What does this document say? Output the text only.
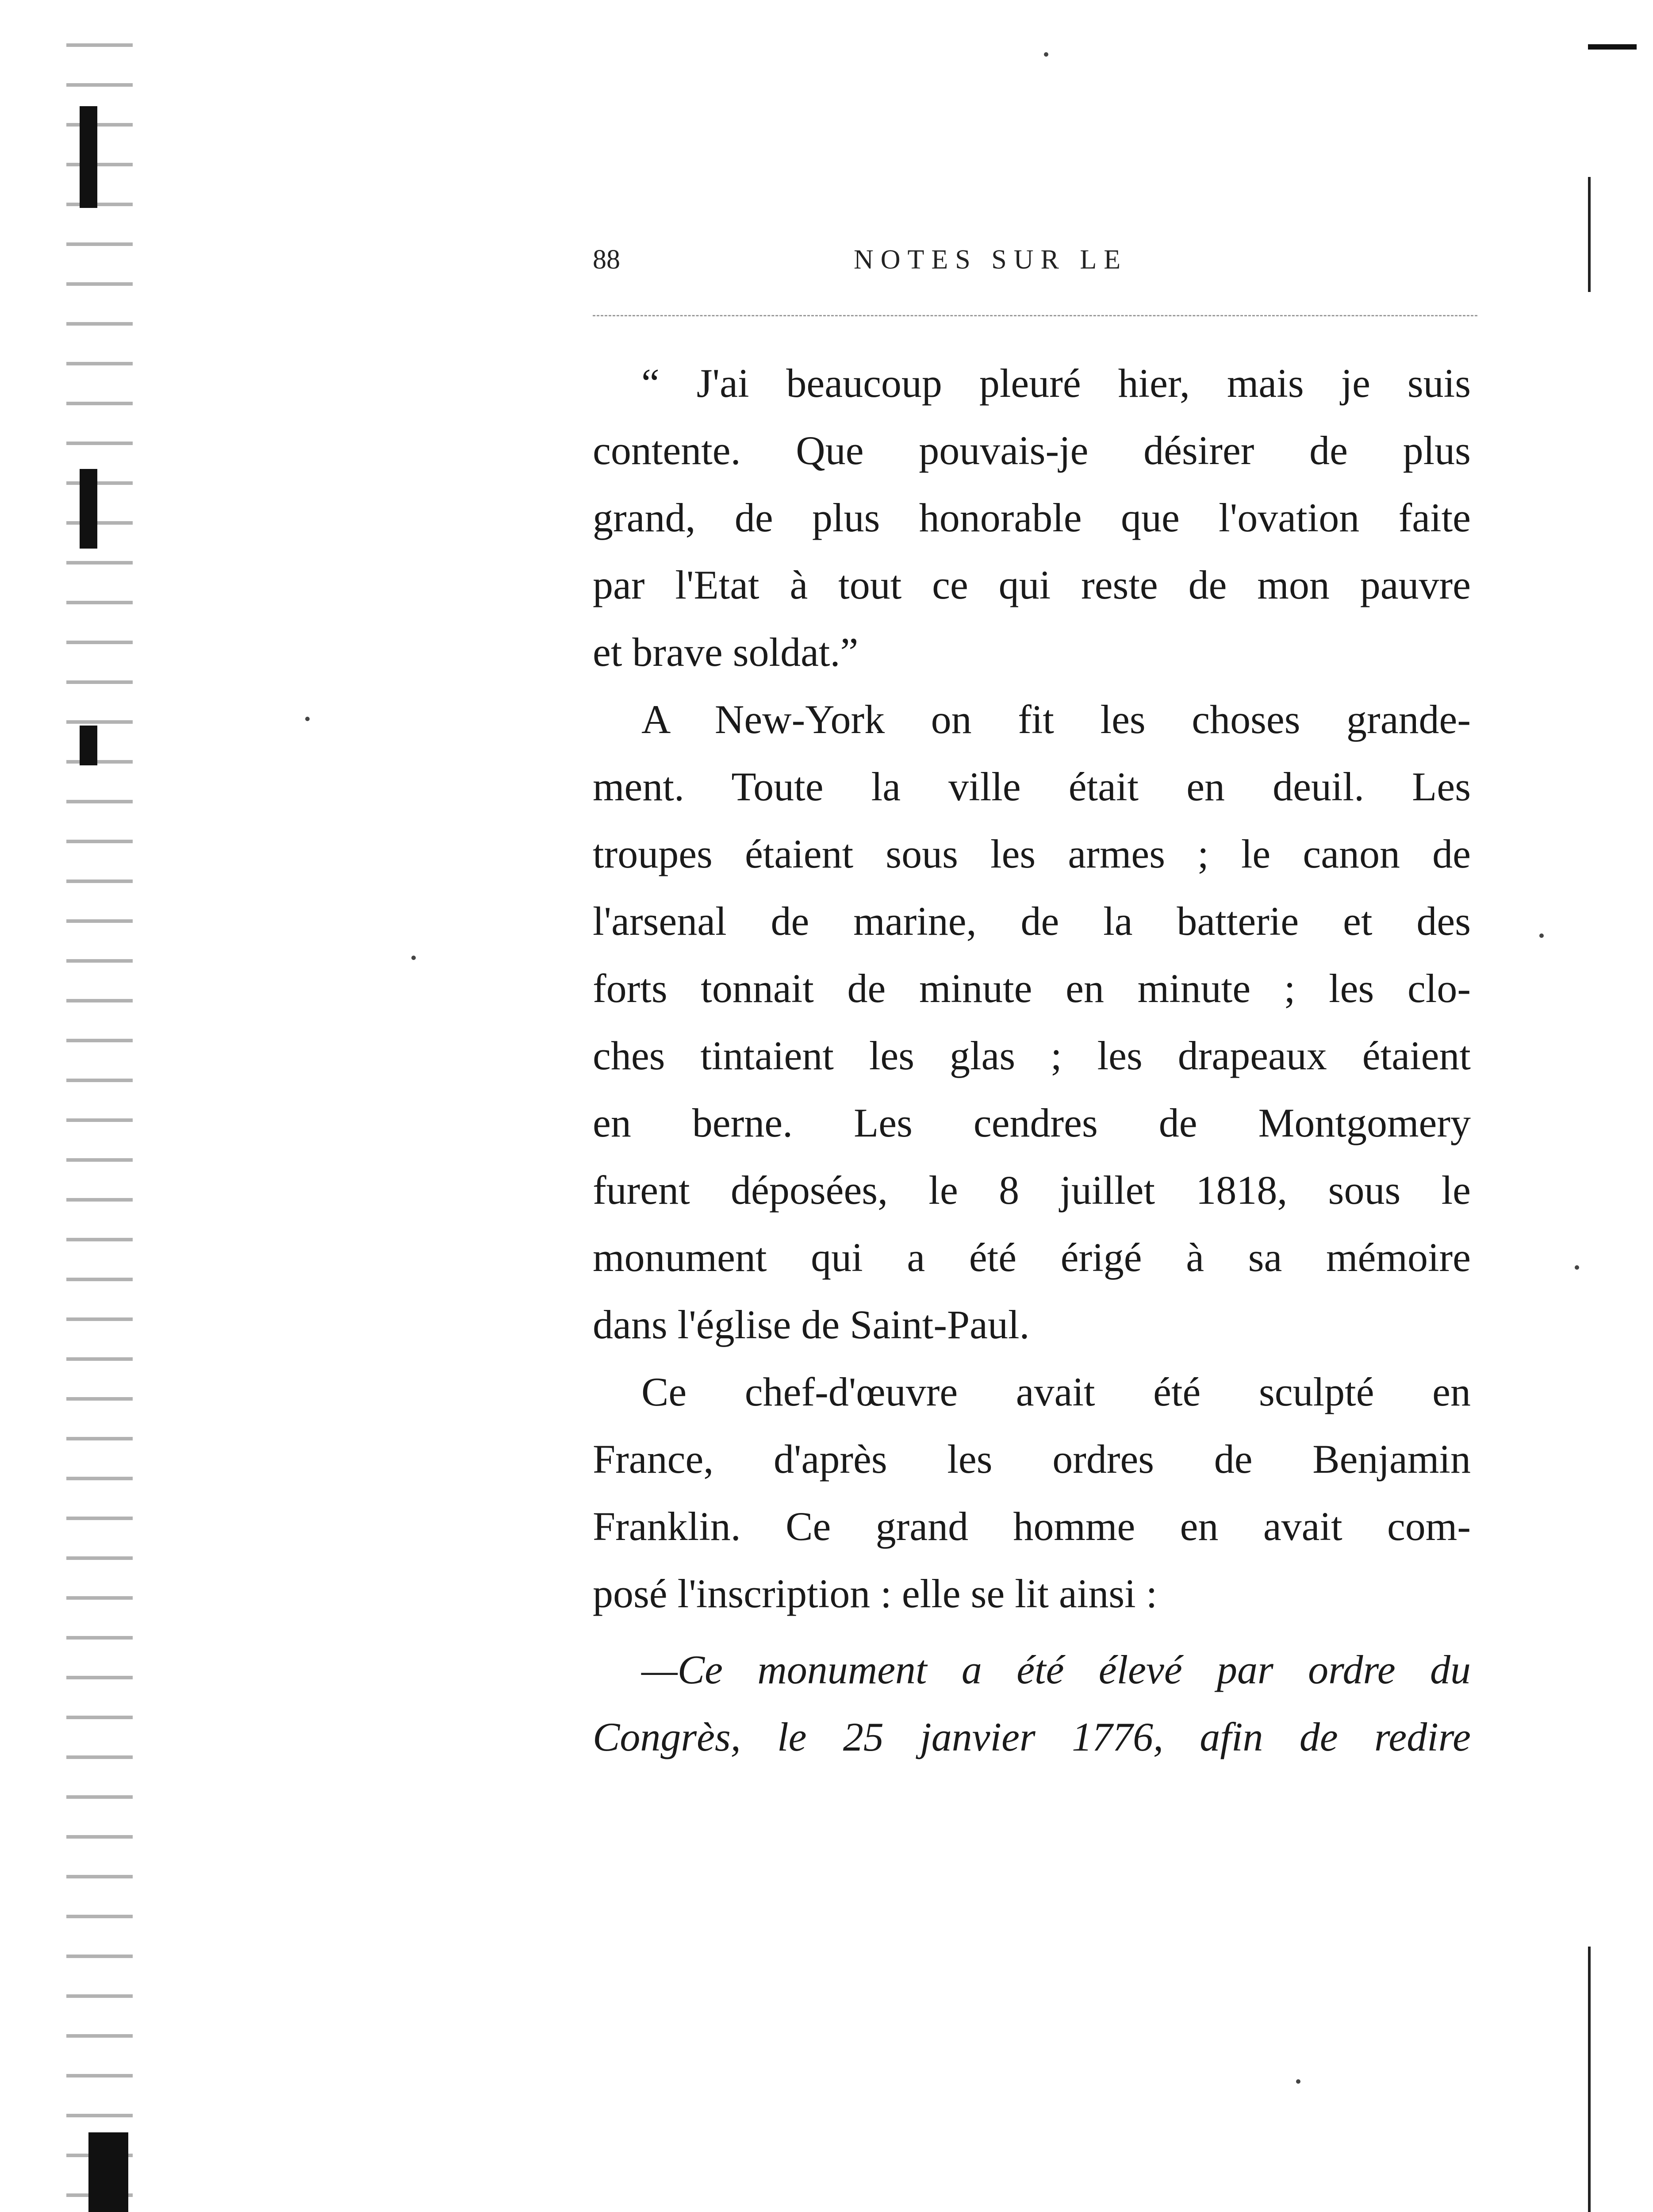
88	NOTES SUR LE
“ J'ai beaucoup pleuré hier, mais je suis
contente. Que pouvais-je désirer de plus
grand, de plus honorable que l'ovation faite
par l'Etat à tout ce qui reste de mon pauvre
et brave soldat.”
A New-York on fit les choses grande-
ment. Toute la ville était en deuil. Les
troupes étaient sous les armes ; le canon de
l'arsenal de marine, de la batterie et des
forts tonnait de minute en minute ; les clo-
ches tintaient les glas ; les drapeaux étaient
en berne. Les cendres de Montgomery
furent déposées, le 8 juillet 1818, sous le
monument qui a été érigé à sa mémoire
dans l'église de Saint-Paul.
Ce chef-d'œuvre avait été sculpté en
France, d'après les ordres de Benjamin
Franklin. Ce grand homme en avait com-
posé l'inscription : elle se lit ainsi :
—Ce monument a été élevé par ordre du
Congrès, le 25 janvier 1776, afin de redire
